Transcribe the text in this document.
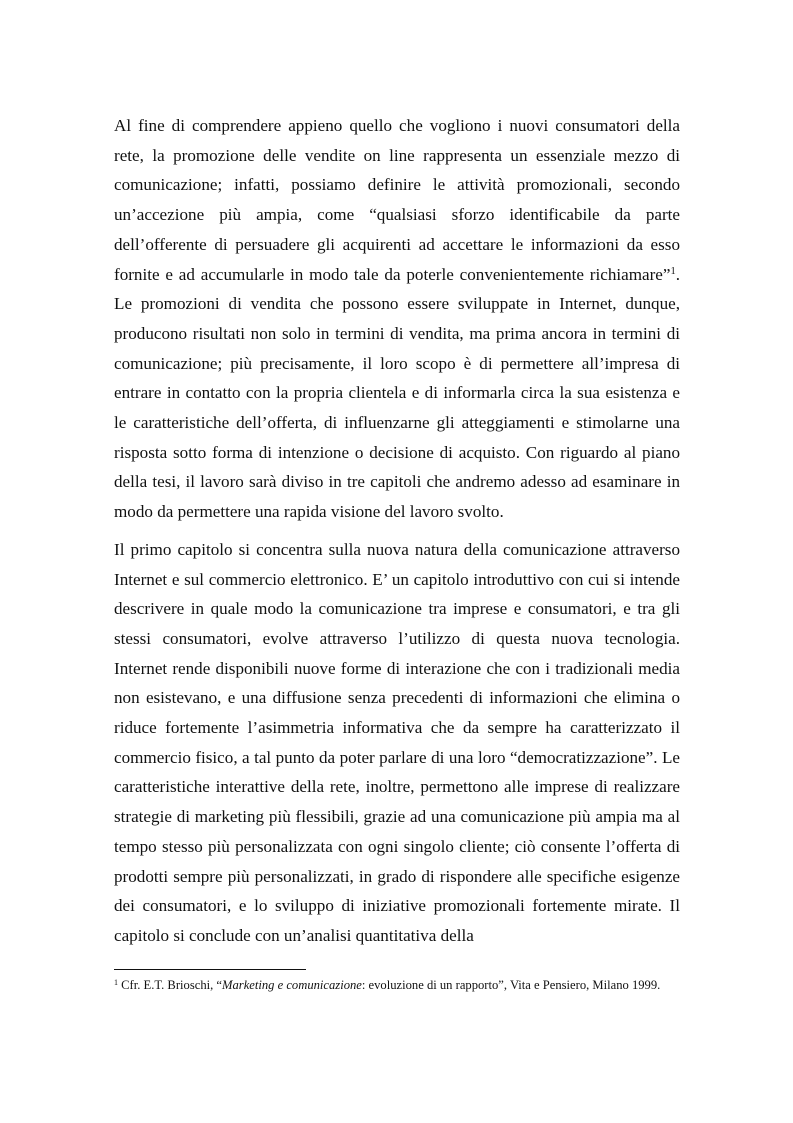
Al fine di comprendere appieno quello che vogliono i nuovi consumatori della rete, la promozione delle vendite on line rappresenta un essenziale mezzo di comunicazione; infatti, possiamo definire le attività promozionali, secondo un’accezione più ampia, come “qualsiasi sforzo identificabile da parte dell’offerente di persuadere gli acquirenti ad accettare le informazioni da esso fornite e ad accumularle in modo tale da poterle convenientemente richiamare”$^1$. Le promozioni di vendita che possono essere sviluppate in Internet, dunque, producono risultati non solo in termini di vendita, ma prima ancora in termini di comunicazione; più precisamente, il loro scopo è di permettere all’impresa di entrare in contatto con la propria clientela e di informarla circa la sua esistenza e le caratteristiche dell’offerta, di influenzarne gli atteggiamenti e stimolarne una risposta sotto forma di intenzione o decisione di acquisto. Con riguardo al piano della tesi, il lavoro sarà diviso in tre capitoli che andremo adesso ad esaminare in modo da permettere una rapida visione del lavoro svolto.

Il primo capitolo si concentra sulla nuova natura della comunicazione attraverso Internet e sul commercio elettronico. E’ un capitolo introduttivo con cui si intende descrivere in quale modo la comunicazione tra imprese e consumatori, e tra gli stessi consumatori, evolve attraverso l’utilizzo di questa nuova tecnologia. Internet rende disponibili nuove forme di interazione che con i tradizionali media non esistevano, e una diffusione senza precedenti di informazioni che elimina o riduce fortemente l’asimmetria informativa che da sempre ha caratterizzato il commercio fisico, a tal punto da poter parlare di una loro “democratizzazione”. Le caratteristiche interattive della rete, inoltre, permettono alle imprese di realizzare strategie di marketing più flessibili, grazie ad una comunicazione più ampia ma al tempo stesso più personalizzata con ogni singolo cliente; ciò consente l’offerta di prodotti sempre più personalizzati, in grado di rispondere alle specifiche esigenze dei consumatori, e lo sviluppo di iniziative promozionali fortemente mirate. Il capitolo si conclude con un’analisi quantitativa della

$^1$ Cfr. E.T. Brioschi, “Marketing e comunicazione: evoluzione di un rapporto”, Vita e Pensiero, Milano 1999.
